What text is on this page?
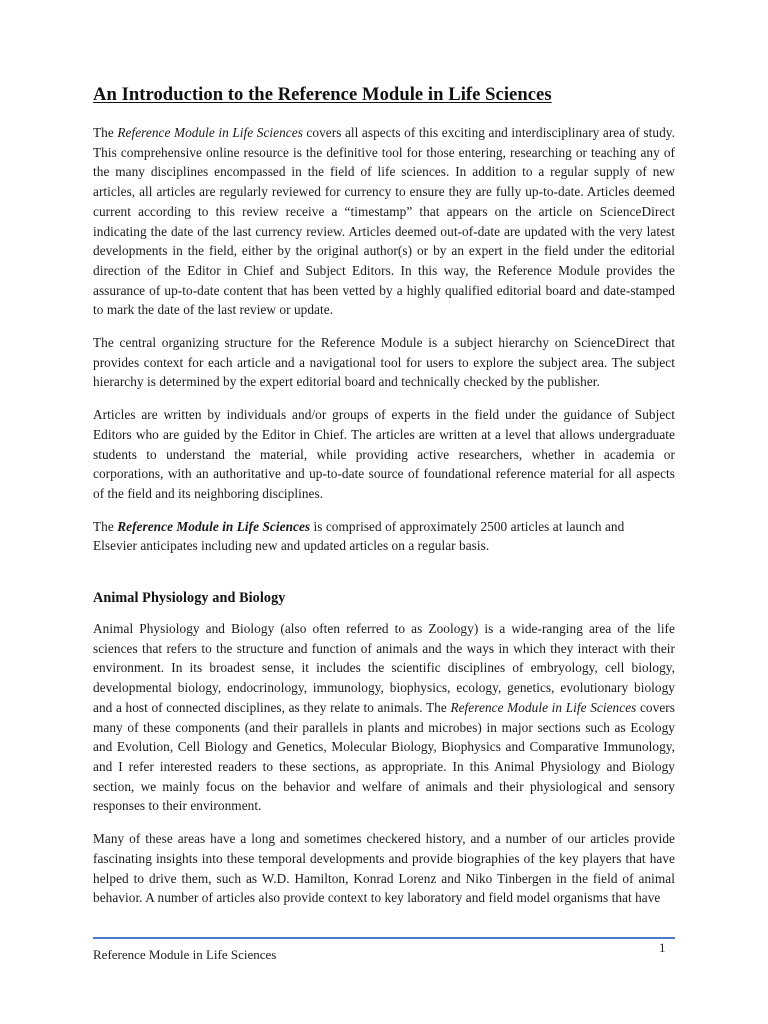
An Introduction to the Reference Module in Life Sciences

The Reference Module in Life Sciences covers all aspects of this exciting and interdisciplinary area of study. This comprehensive online resource is the definitive tool for those entering, researching or teaching any of the many disciplines encompassed in the field of life sciences. In addition to a regular supply of new articles, all articles are regularly reviewed for currency to ensure they are fully up-to-date. Articles deemed current according to this review receive a “timestamp” that appears on the article on ScienceDirect indicating the date of the last currency review. Articles deemed out-of-date are updated with the very latest developments in the field, either by the original author(s) or by an expert in the field under the editorial direction of the Editor in Chief and Subject Editors. In this way, the Reference Module provides the assurance of up-to-date content that has been vetted by a highly qualified editorial board and date-stamped to mark the date of the last review or update.

The central organizing structure for the Reference Module is a subject hierarchy on ScienceDirect that provides context for each article and a navigational tool for users to explore the subject area. The subject hierarchy is determined by the expert editorial board and technically checked by the publisher.

Articles are written by individuals and/or groups of experts in the field under the guidance of Subject Editors who are guided by the Editor in Chief. The articles are written at a level that allows undergraduate students to understand the material, while providing active researchers, whether in academia or corporations, with an authoritative and up-to-date source of foundational reference material for all aspects of the field and its neighboring disciplines.

The Reference Module in Life Sciences is comprised of approximately 2500 articles at launch and
Elsevier anticipates including new and updated articles on a regular basis.

Animal Physiology and Biology

Animal Physiology and Biology (also often referred to as Zoology) is a wide-ranging area of the life sciences that refers to the structure and function of animals and the ways in which they interact with their environment. In its broadest sense, it includes the scientific disciplines of embryology, cell biology, developmental biology, endocrinology, immunology, biophysics, ecology, genetics, evolutionary biology and a host of connected disciplines, as they relate to animals. The Reference Module in Life Sciences covers many of these components (and their parallels in plants and microbes) in major sections such as Ecology and Evolution, Cell Biology and Genetics, Molecular Biology, Biophysics and Comparative Immunology, and I refer interested readers to these sections, as appropriate. In this Animal Physiology and Biology section, we mainly focus on the behavior and welfare of animals and their physiological and sensory responses to their environment.

Many of these areas have a long and sometimes checkered history, and a number of our articles provide fascinating insights into these temporal developments and provide biographies of the key players that have helped to drive them, such as W.D. Hamilton, Konrad Lorenz and Niko Tinbergen in the field of animal behavior. A number of articles also provide context to key laboratory and field model organisms that have

Reference Module in Life Sciences	1
